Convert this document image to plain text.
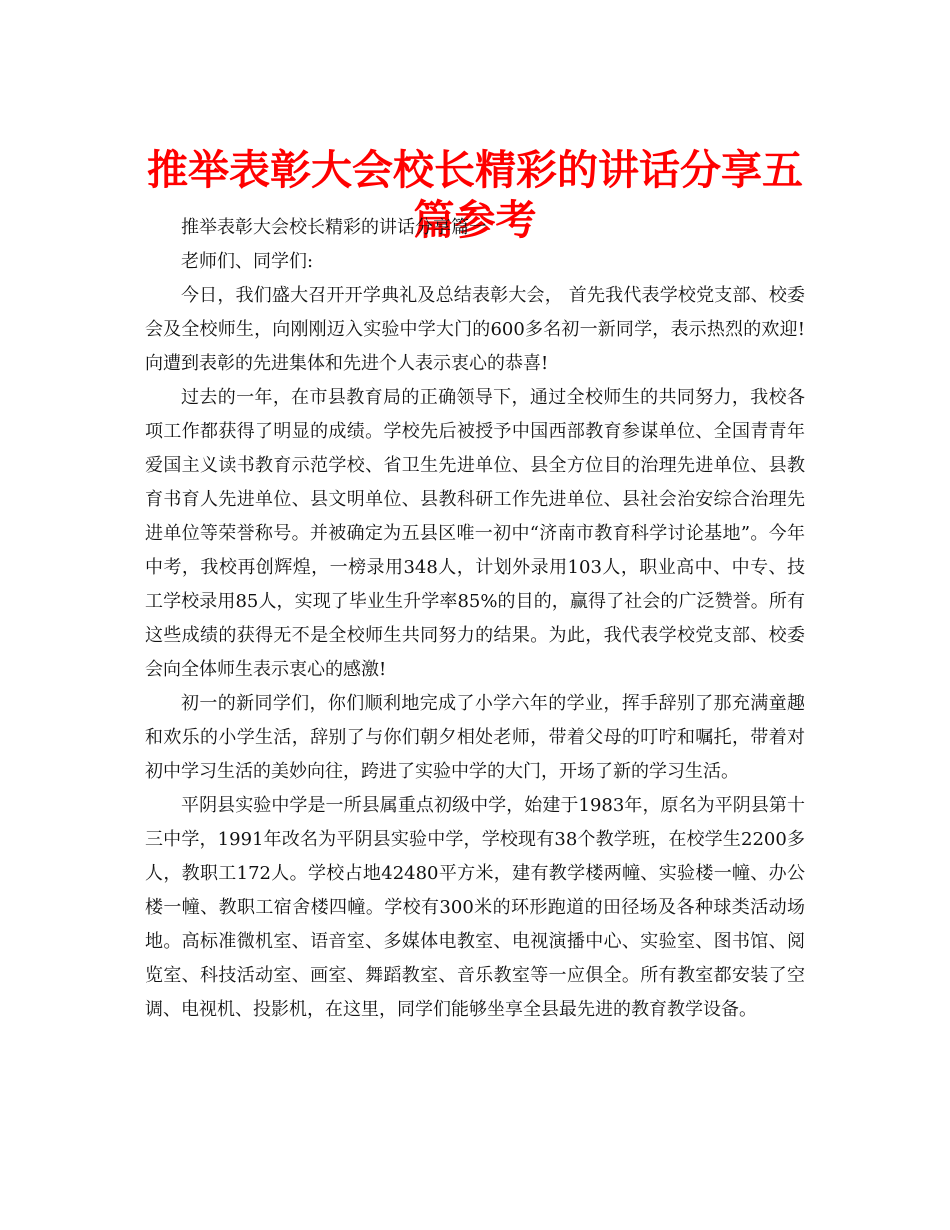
推举表彰大会校长精彩的讲话分享五篇参考

推举表彰大会校长精彩的讲话分享篇一

老师们、同学们:

今日，我们盛大召开开学典礼及总结表彰大会， 首先我代表学校党支部、校委会及全校师生，向刚刚迈入实验中学大门的600多名初一新同学，表示热烈的欢迎!向遭到表彰的先进集体和先进个人表示衷心的恭喜!

过去的一年，在市县教育局的正确领导下，通过全校师生的共同努力，我校各项工作都获得了明显的成绩。学校先后被授予中国西部教育参谋单位、全国青青年爱国主义读书教育示范学校、省卫生先进单位、县全方位目的治理先进单位、县教育书育人先进单位、县文明单位、县教科研工作先进单位、县社会治安综合治理先进单位等荣誉称号。并被确定为五县区唯一初中“济南市教育科学讨论基地”。今年中考，我校再创辉煌，一榜录用348人，计划外录用103人，职业高中、中专、技工学校录用85人，实现了毕业生升学率85%的目的，赢得了社会的广泛赞誉。所有这些成绩的获得无不是全校师生共同努力的结果。为此，我代表学校党支部、校委会向全体师生表示衷心的感激!

初一的新同学们，你们顺利地完成了小学六年的学业，挥手辞别了那充满童趣和欢乐的小学生活，辞别了与你们朝夕相处老师，带着父母的叮咛和嘱托，带着对初中学习生活的美妙向往，跨进了实验中学的大门，开场了新的学习生活。

平阴县实验中学是一所县属重点初级中学，始建于1983年，原名为平阴县第十三中学，1991年改名为平阴县实验中学，学校现有38个教学班，在校学生2200多人，教职工172人。学校占地42480平方米，建有教学楼两幢、实验楼一幢、办公楼一幢、教职工宿舍楼四幢。学校有300米的环形跑道的田径场及各种球类活动场地。高标准微机室、语音室、多媒体电教室、电视演播中心、实验室、图书馆、阅览室、科技活动室、画室、舞蹈教室、音乐教室等一应俱全。所有教室都安装了空调、电视机、投影机，在这里，同学们能够坐享全县最先进的教育教学设备。
